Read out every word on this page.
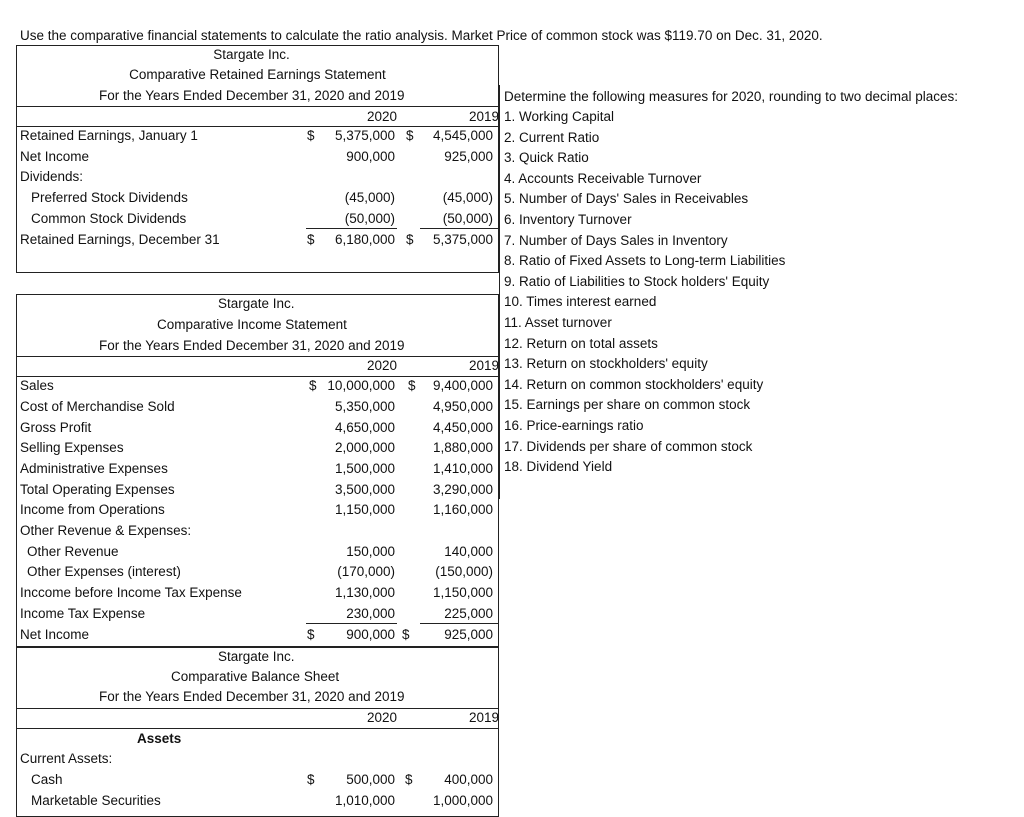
Use the comparative financial statements to calculate the ratio analysis. Market Price of common stock was $119.70 on Dec. 31, 2020.
Stargate Inc.
Comparative Retained Earnings Statement
For the Years Ended December 31, 2020 and 2019
2020	2019
Retained Earnings, January 1	5,375,000	4,545,000
$	$
Net Income	900,000	925,000
Dividends:
Preferred Stock Dividends	(45,000)	(45,000)
Common Stock Dividends	(50,000)	(50,000)
Retained Earnings, December 31	6,180,000	5,375,000
$	$
Determine the following measures for 2020, rounding to two decimal places:
1. Working Capital
2. Current Ratio
3. Quick Ratio
4. Accounts Receivable Turnover
5. Number of Days' Sales in Receivables
6. Inventory Turnover
7. Number of Days Sales in Inventory
8. Ratio of Fixed Assets to Long-term Liabilities
9. Ratio of Liabilities to Stock holders' Equity
10. Times interest earned
11. Asset turnover
12. Return on total assets
13. Return on stockholders' equity
14. Return on common stockholders' equity
15. Earnings per share on common stock
16. Price-earnings ratio
17. Dividends per share of common stock
18. Dividend Yield
Stargate Inc.
Comparative Income Statement
For the Years Ended December 31, 2020 and 2019
2020	2019
Sales	10,000,000	9,400,000
$
Cost of Merchandise Sold	5,350,000	4,950,000
Gross Profit	4,650,000	4,450,000
Selling Expenses	2,000,000	1,880,000
Administrative Expenses	1,500,000	1,410,000
Total Operating Expenses	3,500,000	3,290,000
Income from Operations	1,150,000	1,160,000
Other Revenue & Expenses:
Other Revenue	150,000	140,000
Other Expenses (interest)	(170,000)	(150,000)
Inccome before Income Tax Expense	1,130,000	1,150,000
Income Tax Expense	230,000	225,000
Net Income	900,000	925,000
$	$
$
Stargate Inc.
Comparative Balance Sheet
For the Years Ended December 31, 2020 and 2019
2020	2019
Assets
Current Assets:
Cash	500,000	400,000
$	$
Marketable Securities	1,010,000	1,000,000
